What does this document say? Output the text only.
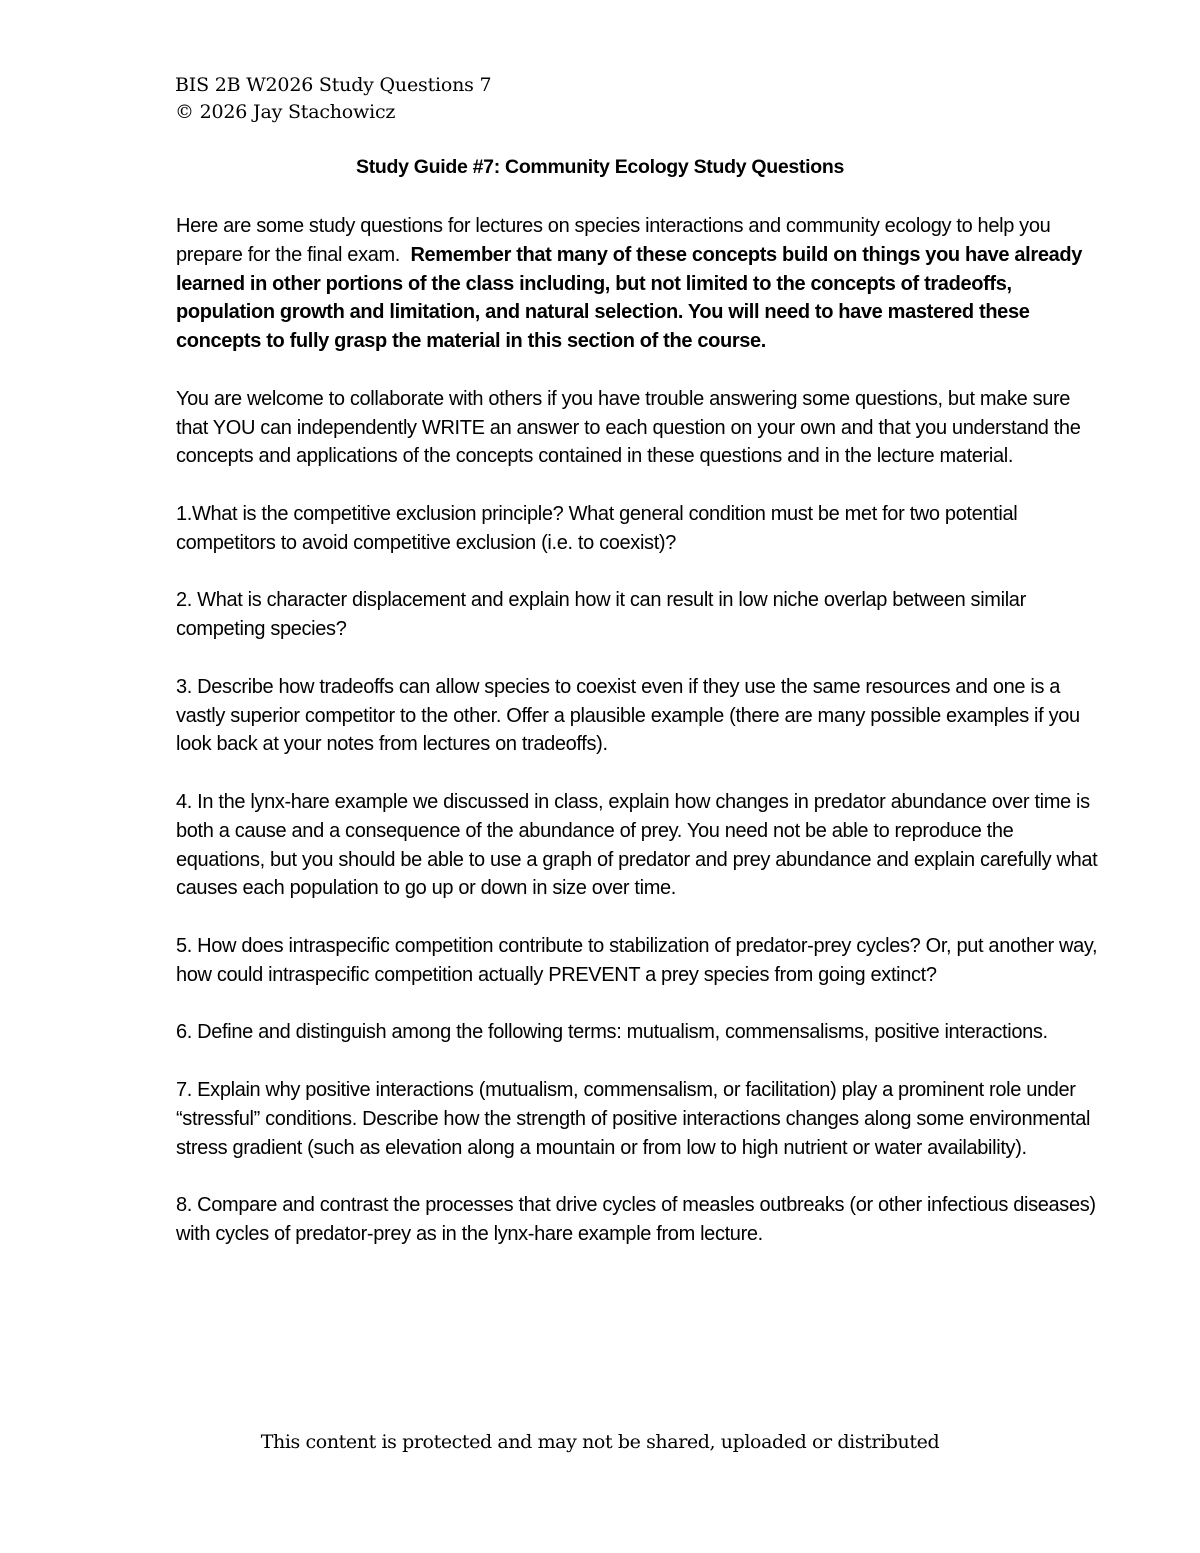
BIS 2B W2026 Study Questions 7
© 2026 Jay Stachowicz
Study Guide #7: Community Ecology Study Questions

Here are some study questions for lectures on species interactions and community ecology to help you prepare for the final exam. Remember that many of these concepts build on things you have already learned in other portions of the class including, but not limited to the concepts of tradeoffs, population growth and limitation, and natural selection. You will need to have mastered these concepts to fully grasp the material in this section of the course.

You are welcome to collaborate with others if you have trouble answering some questions, but make sure that YOU can independently WRITE an answer to each question on your own and that you understand the concepts and applications of the concepts contained in these questions and in the lecture material.

1.What is the competitive exclusion principle? What general condition must be met for two potential competitors to avoid competitive exclusion (i.e. to coexist)?

2. What is character displacement and explain how it can result in low niche overlap between similar competing species?

3. Describe how tradeoffs can allow species to coexist even if they use the same resources and one is a vastly superior competitor to the other. Offer a plausible example (there are many possible examples if you look back at your notes from lectures on tradeoffs).

4. In the lynx-hare example we discussed in class, explain how changes in predator abundance over time is both a cause and a consequence of the abundance of prey. You need not be able to reproduce the equations, but you should be able to use a graph of predator and prey abundance and explain carefully what causes each population to go up or down in size over time.

5. How does intraspecific competition contribute to stabilization of predator-prey cycles? Or, put another way, how could intraspecific competition actually PREVENT a prey species from going extinct?

6. Define and distinguish among the following terms: mutualism, commensalisms, positive interactions.

7. Explain why positive interactions (mutualism, commensalism, or facilitation) play a prominent role under “stressful” conditions. Describe how the strength of positive interactions changes along some environmental stress gradient (such as elevation along a mountain or from low to high nutrient or water availability).

8. Compare and contrast the processes that drive cycles of measles outbreaks (or other infectious diseases) with cycles of predator-prey as in the lynx-hare example from lecture.

This content is protected and may not be shared, uploaded or distributed
